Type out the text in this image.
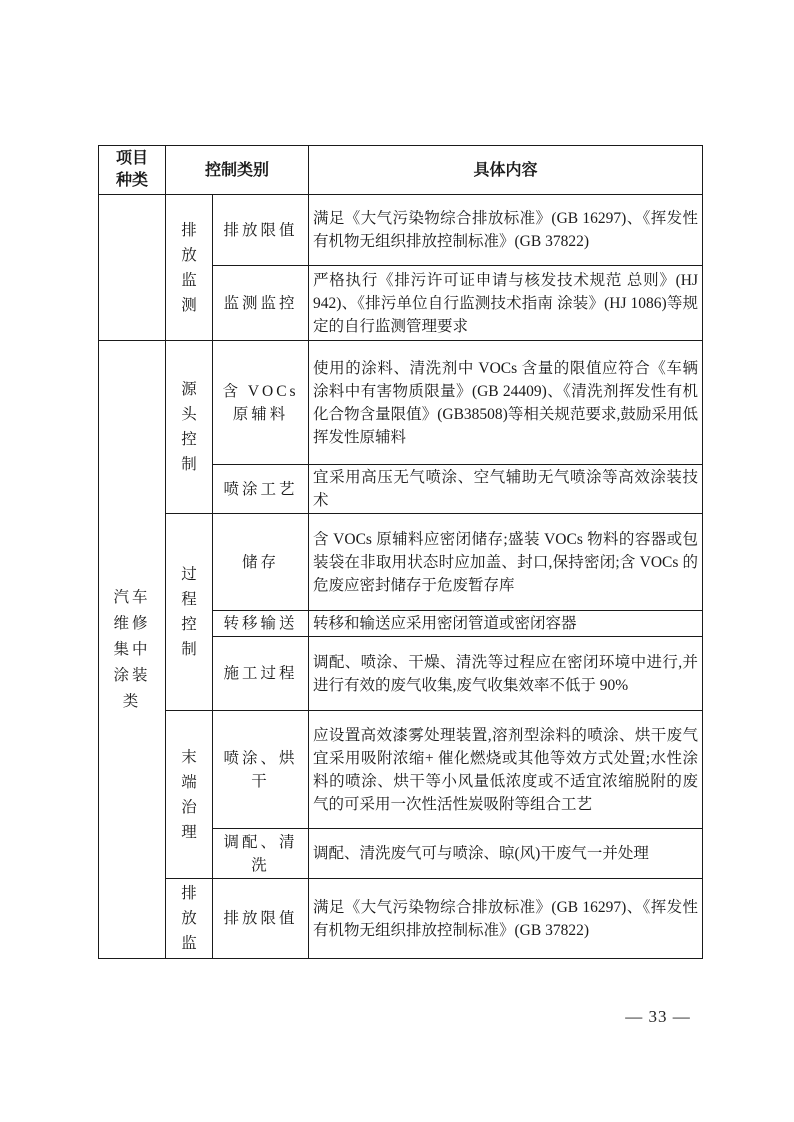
项目种类	控制类别		具体内容
	排放监测	排放限值	满足《大气污染物综合排放标准》(GB 16297)、《挥发性有机物无组织排放控制标准》(GB 37822)
		监测监控	严格执行《排污许可证申请与核发技术规范 总则》(HJ 942)、《排污单位自行监测技术指南 涂装》(HJ 1086)等规定的自行监测管理要求
汽车维修集中涂装类	源头控制	含 VOCs 原辅料	使用的涂料、清洗剂中 VOCs 含量的限值应符合《车辆涂料中有害物质限量》(GB 24409)、《清洗剂挥发性有机化合物含量限值》(GB38508)等相关规范要求,鼓励采用低挥发性原辅料
		喷涂工艺	宜采用高压无气喷涂、空气辅助无气喷涂等高效涂装技术
	过程控制	储存	含 VOCs 原辅料应密闭储存;盛装 VOCs 物料的容器或包装袋在非取用状态时应加盖、封口,保持密闭;含 VOCs 的危废应密封储存于危废暂存库
		转移输送	转移和输送应采用密闭管道或密闭容器
		施工过程	调配、喷涂、干燥、清洗等过程应在密闭环境中进行,并进行有效的废气收集,废气收集效率不低于 90%
	末端治理	喷涂、烘干	应设置高效漆雾处理装置,溶剂型涂料的喷涂、烘干废气宜采用吸附浓缩+ 催化燃烧或其他等效方式处置;水性涂料的喷涂、烘干等小风量低浓度或不适宜浓缩脱附的废气的可采用一次性活性炭吸附等组合工艺
		调配、清洗	调配、清洗废气可与喷涂、晾(风)干废气一并处理
	排放监	排放限值	满足《大气污染物综合排放标准》(GB 16297)、《挥发性有机物无组织排放控制标准》(GB 37822)
— 33 —
